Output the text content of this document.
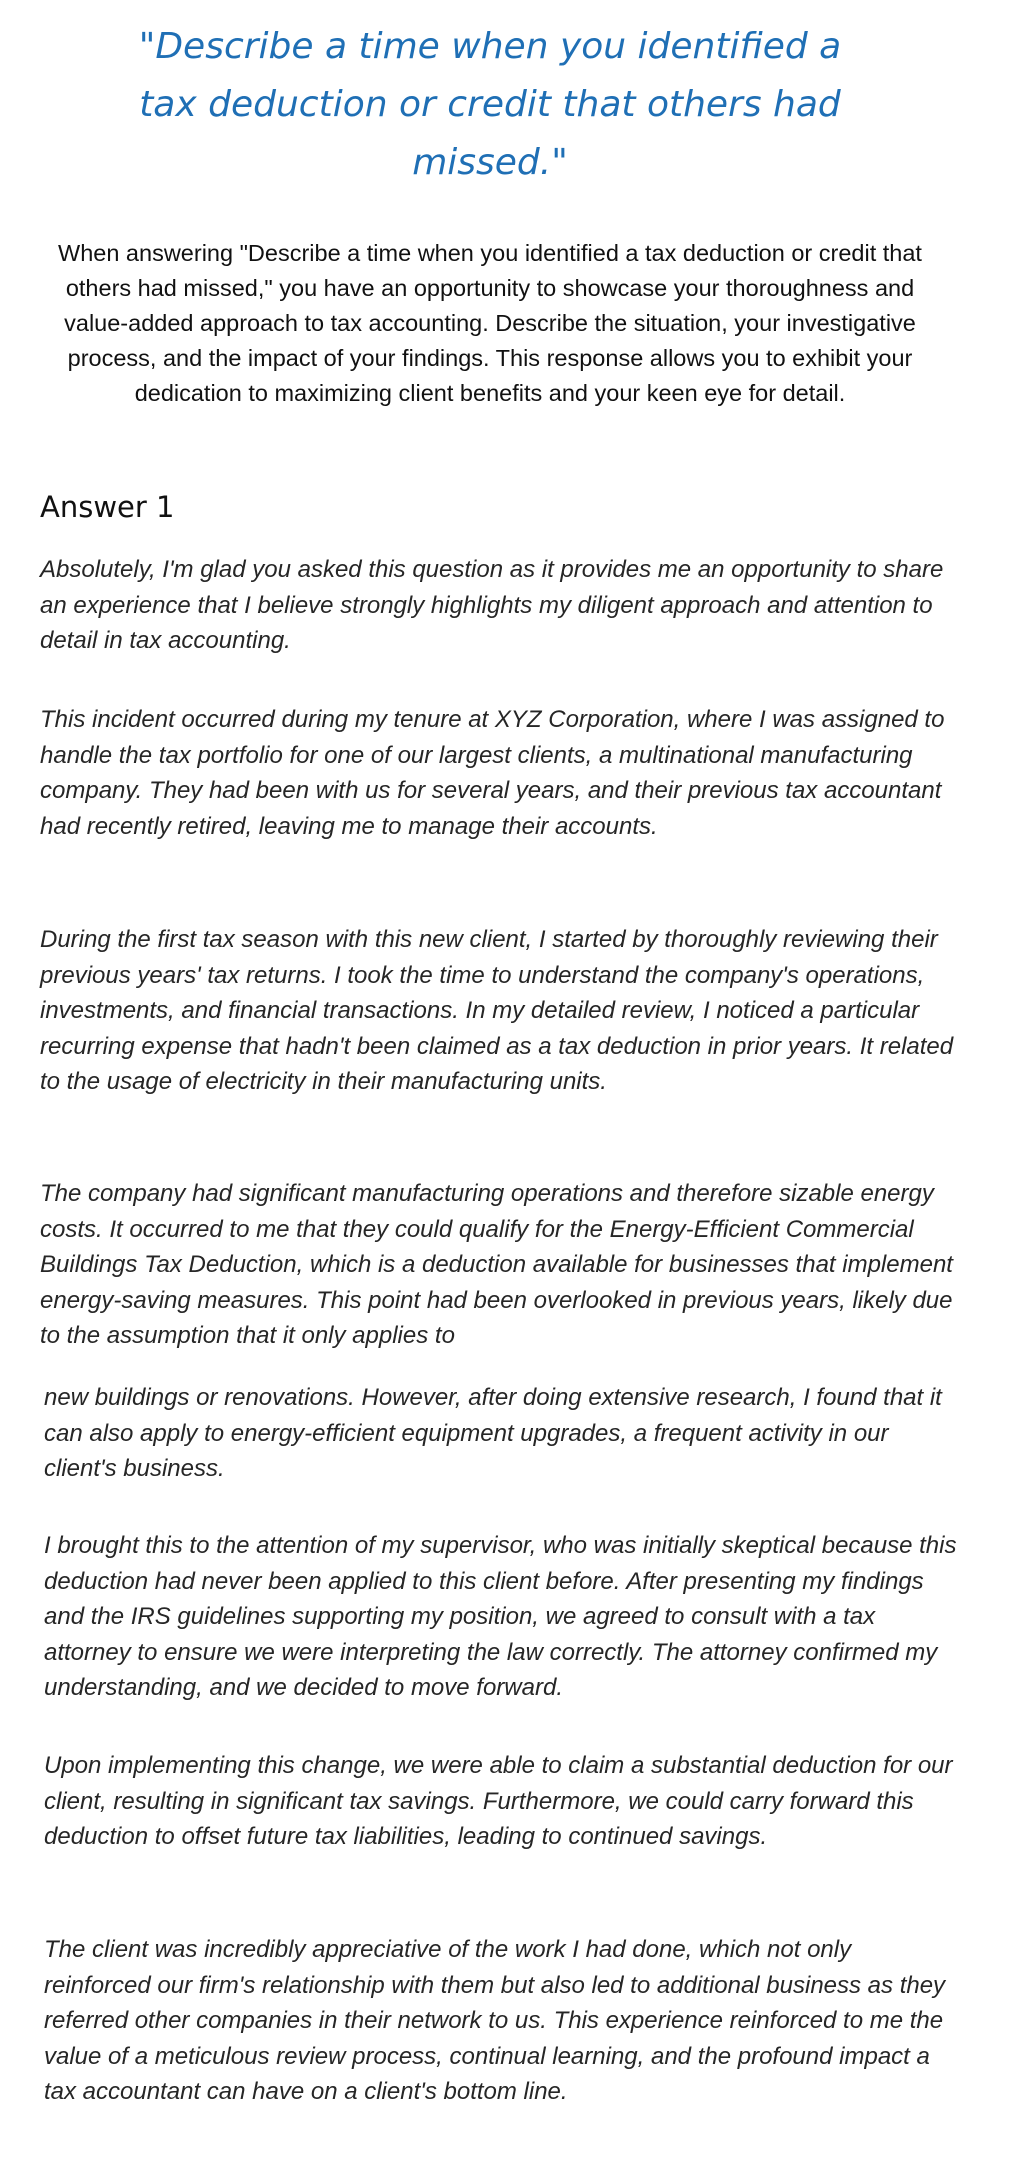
"Describe a time when you identified a tax deduction or credit that others had missed."

When answering "Describe a time when you identified a tax deduction or credit that others had missed," you have an opportunity to showcase your thoroughness and value-added approach to tax accounting. Describe the situation, your investigative process, and the impact of your findings. This response allows you to exhibit your dedication to maximizing client benefits and your keen eye for detail.

Answer 1

Absolutely, I'm glad you asked this question as it provides me an opportunity to share an experience that I believe strongly highlights my diligent approach and attention to detail in tax accounting.

This incident occurred during my tenure at XYZ Corporation, where I was assigned to handle the tax portfolio for one of our largest clients, a multinational manufacturing company. They had been with us for several years, and their previous tax accountant had recently retired, leaving me to manage their accounts.

During the first tax season with this new client, I started by thoroughly reviewing their previous years' tax returns. I took the time to understand the company's operations, investments, and financial transactions. In my detailed review, I noticed a particular recurring expense that hadn't been claimed as a tax deduction in prior years. It related to the usage of electricity in their manufacturing units.

The company had significant manufacturing operations and therefore sizable energy costs. It occurred to me that they could qualify for the Energy-Efficient Commercial Buildings Tax Deduction, which is a deduction available for businesses that implement energy-saving measures. This point had been overlooked in previous years, likely due to the assumption that it only applies to

new buildings or renovations. However, after doing extensive research, I found that it can also apply to energy-efficient equipment upgrades, a frequent activity in our client's business.

I brought this to the attention of my supervisor, who was initially skeptical because this deduction had never been applied to this client before. After presenting my findings and the IRS guidelines supporting my position, we agreed to consult with a tax attorney to ensure we were interpreting the law correctly. The attorney confirmed my understanding, and we decided to move forward.

Upon implementing this change, we were able to claim a substantial deduction for our client, resulting in significant tax savings. Furthermore, we could carry forward this deduction to offset future tax liabilities, leading to continued savings.

The client was incredibly appreciative of the work I had done, which not only reinforced our firm's relationship with them but also led to additional business as they referred other companies in their network to us. This experience reinforced to me the value of a meticulous review process, continual learning, and the profound impact a tax accountant can have on a client's bottom line.
